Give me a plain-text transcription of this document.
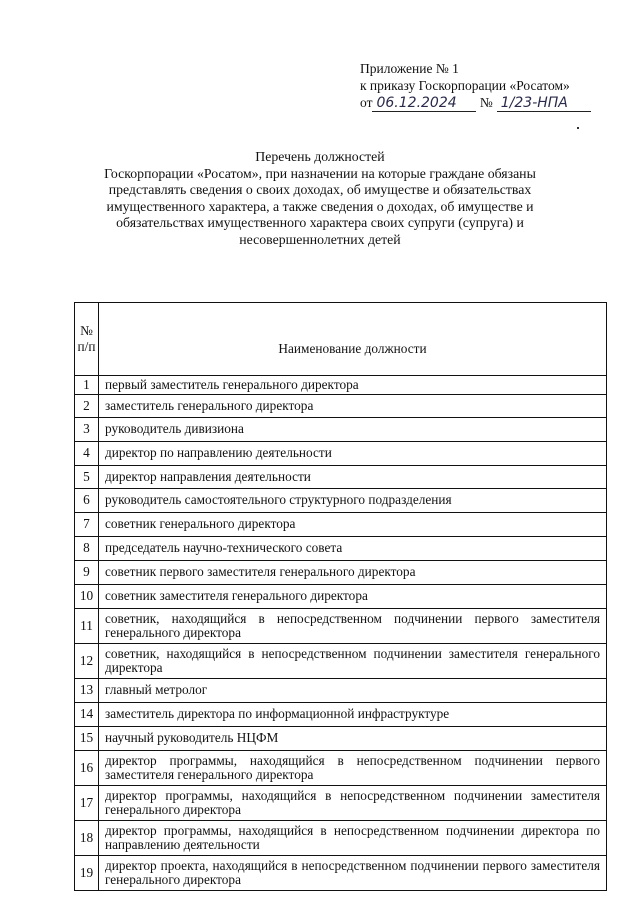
Приложение № 1
к приказу Госкорпорации «Росатом»
от 06.12.2024 № 1/23-НПА
Перечень должностей
Госкорпорации «Росатом», при назначении на которые граждане обязаны представлять сведения о своих доходах, об имуществе и обязательствах имущественного характера, а также сведения о доходах, об имуществе и обязательствах имущественного характера своих супруги (супруга) и несовершеннолетних детей
№ п/п	Наименование должности
1	первый заместитель генерального директора
2	заместитель генерального директора
3	руководитель дивизиона
4	директор по направлению деятельности
5	директор направления деятельности
6	руководитель самостоятельного структурного подразделения
7	советник генерального директора
8	председатель научно-технического совета
9	советник первого заместителя генерального директора
10	советник заместителя генерального директора
11	советник, находящийся в непосредственном подчинении первого заместителя генерального директора
12	советник, находящийся в непосредственном подчинении заместителя генерального директора
13	главный метролог
14	заместитель директора по информационной инфраструктуре
15	научный руководитель НЦФМ
16	директор программы, находящийся в непосредственном подчинении первого заместителя генерального директора
17	директор программы, находящийся в непосредственном подчинении заместителя генерального директора
18	директор программы, находящийся в непосредственном подчинении директора по направлению деятельности
19	директор проекта, находящийся в непосредственном подчинении первого заместителя генерального директора
